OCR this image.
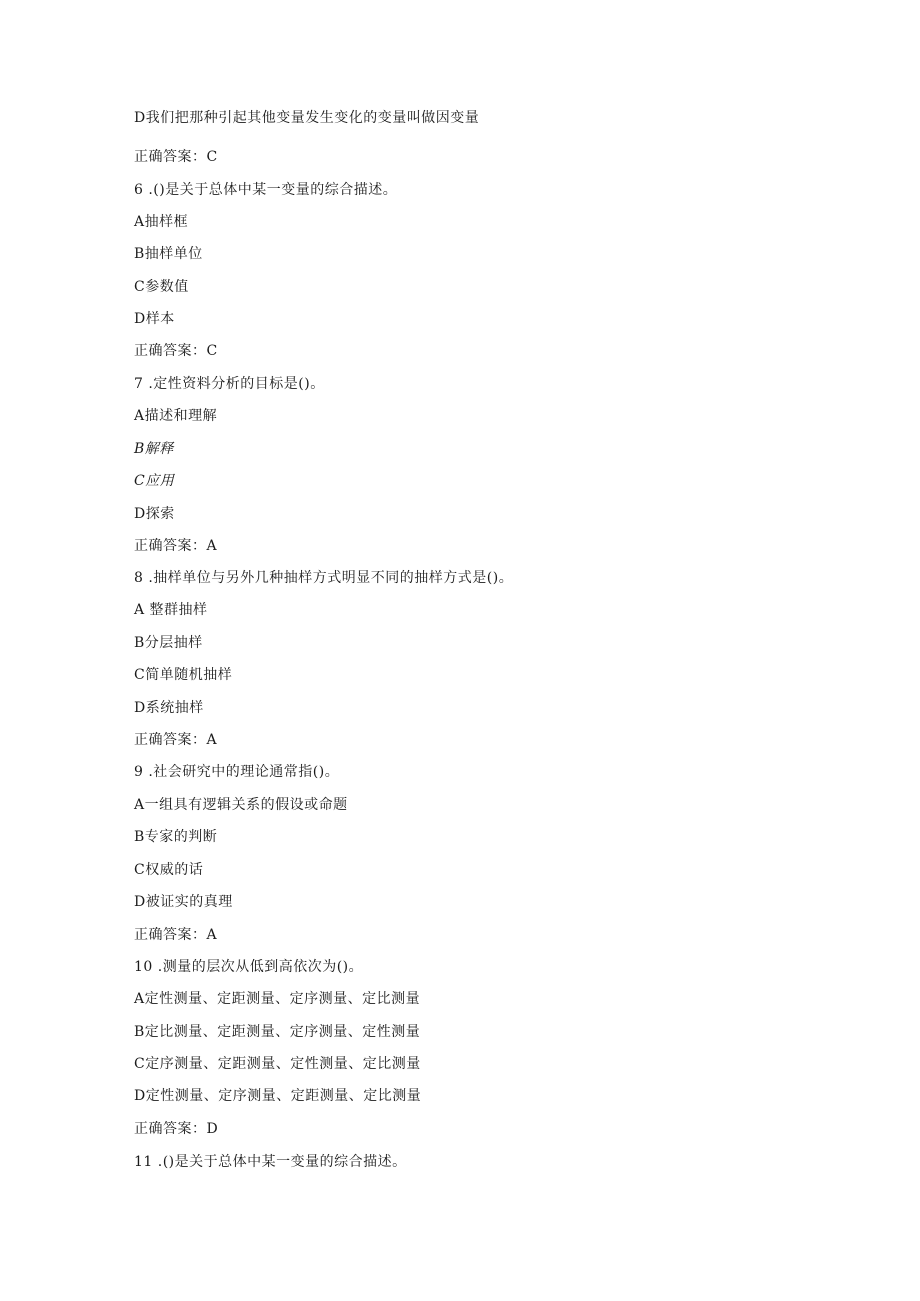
D我们把那种引起其他变量发生变化的变量叫做因变量
正确答案：C
6 .()是关于总体中某一变量的综合描述。
A抽样框
B抽样单位
C参数值
D样本
正确答案：C
7 .定性资料分析的目标是()。
A描述和理解
B解释
C应用
D探索
正确答案：A
8 .抽样单位与另外几种抽样方式明显不同的抽样方式是()。
A 整群抽样
B分层抽样
C简单随机抽样
D系统抽样
正确答案：A
9 .社会研究中的理论通常指()。
A一组具有逻辑关系的假设或命题
B专家的判断
C权威的话
D被证实的真理
正确答案：A
10 .测量的层次从低到高依次为()。
A定性测量、定距测量、定序测量、定比测量
B定比测量、定距测量、定序测量、定性测量
C定序测量、定距测量、定性测量、定比测量
D定性测量、定序测量、定距测量、定比测量
正确答案：D
11 .()是关于总体中某一变量的综合描述。
